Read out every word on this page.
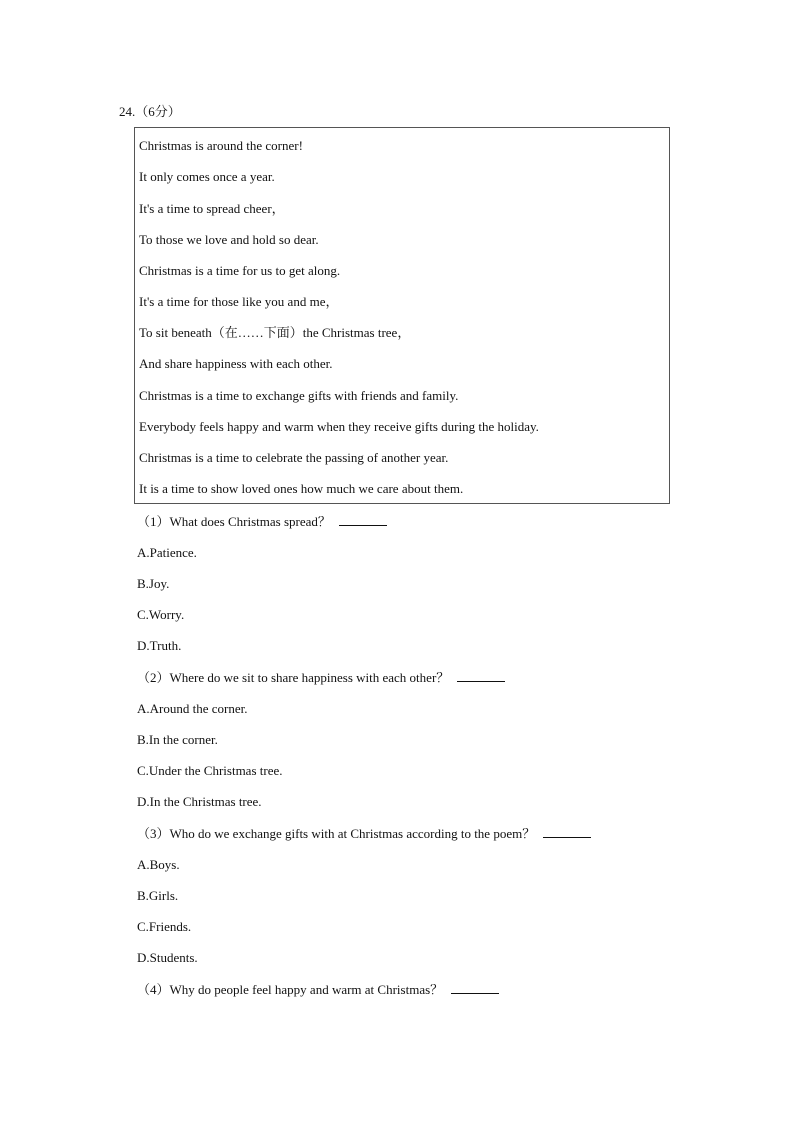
24.（6分）
Christmas is around the corner!
It only comes once a year.
It's a time to spread cheer，
To those we love and hold so dear.
Christmas is a time for us to get along.
It's a time for those like you and me，
To sit beneath（在……下面）the Christmas tree，
And share happiness with each other.
Christmas is a time to exchange gifts with friends and family.
Everybody feels happy and warm when they receive gifts during the holiday.
Christmas is a time to celebrate the passing of another year.
It is a time to show loved ones how much we care about them.
（1）What does Christmas spread？
A.Patience.
B.Joy.
C.Worry.
D.Truth.
（2）Where do we sit to share happiness with each other？
A.Around the corner.
B.In the corner.
C.Under the Christmas tree.
D.In the Christmas tree.
（3）Who do we exchange gifts with at Christmas according to the poem？
A.Boys.
B.Girls.
C.Friends.
D.Students.
（4）Why do people feel happy and warm at Christmas？
